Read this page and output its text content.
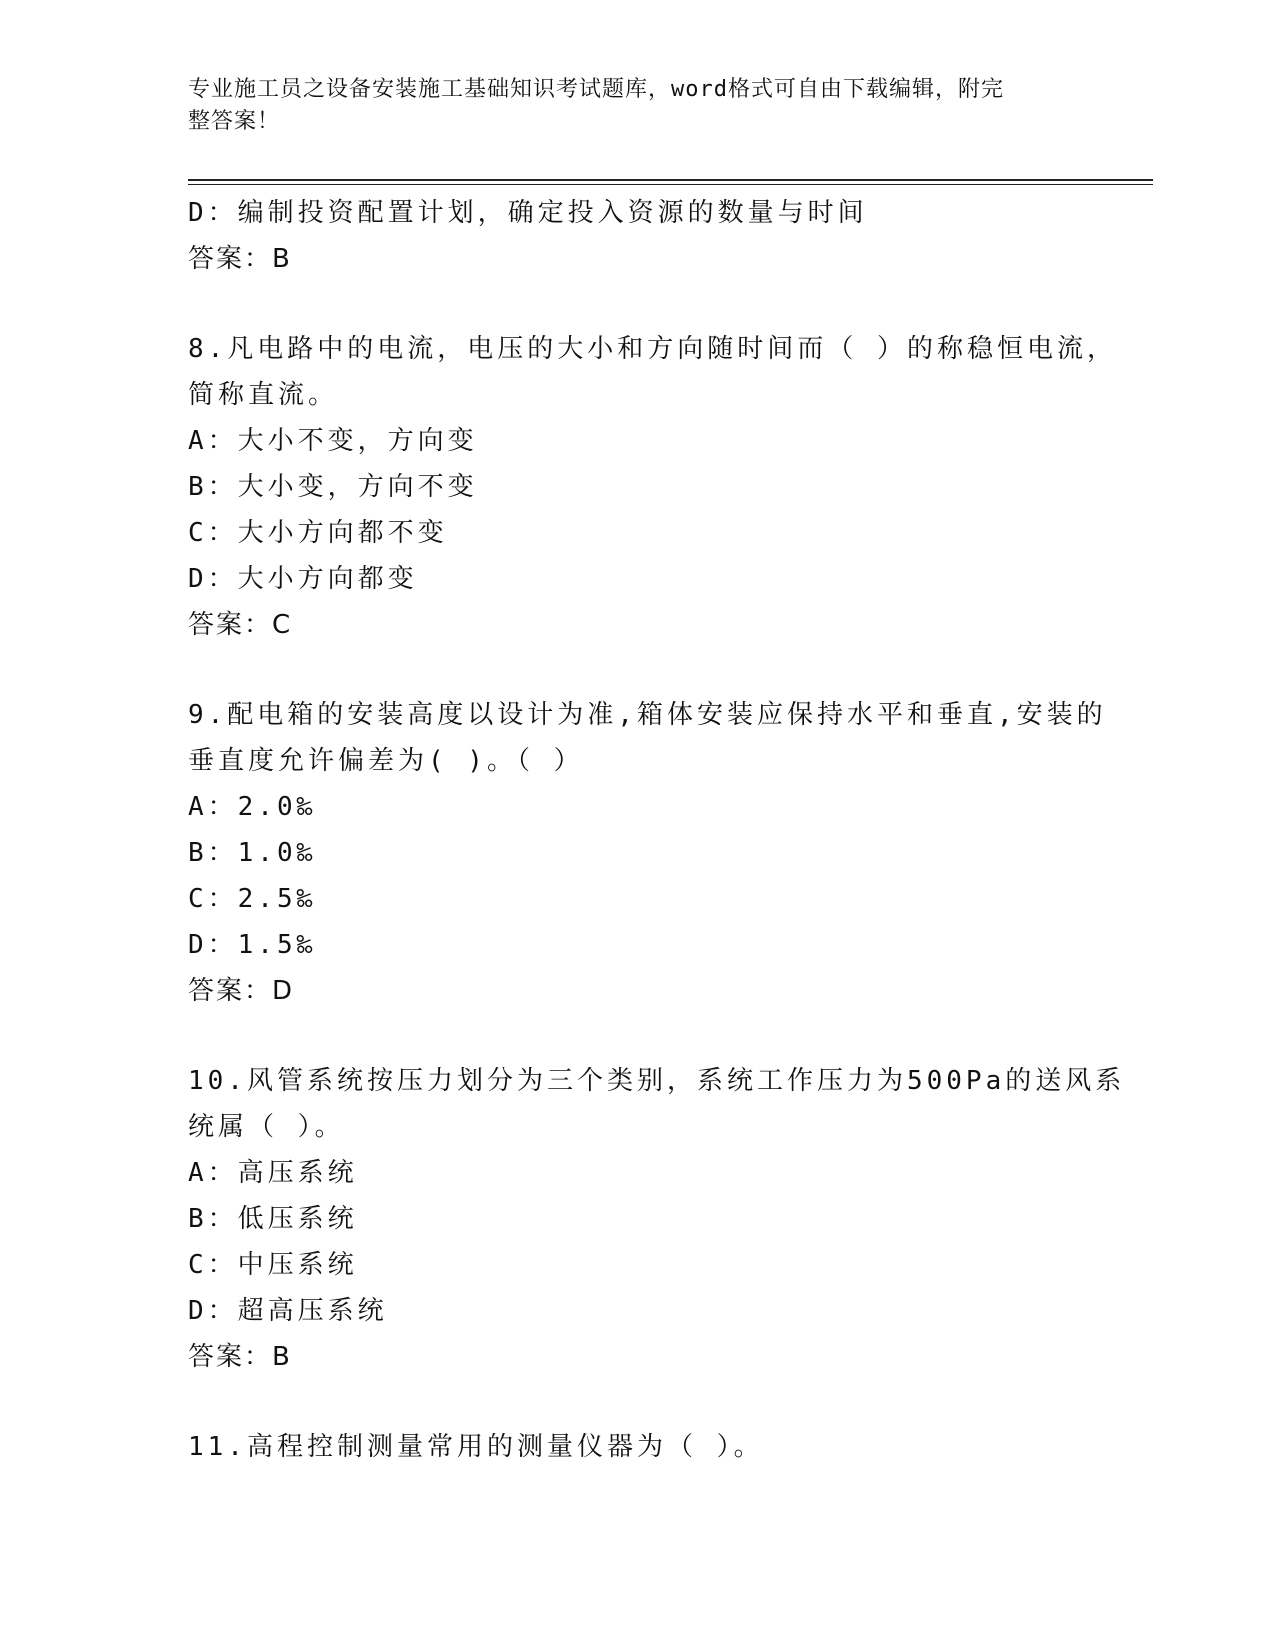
专业施工员之设备安装施工基础知识考试题库，word格式可自由下载编辑，附完
整答案！
D：编制投资配置计划，确定投入资源的数量与时间
答案：B
8.凡电路中的电流，电压的大小和方向随时间而（ ）的称稳恒电流，
简称直流。
A：大小不变，方向变
B：大小变，方向不变
C：大小方向都不变
D：大小方向都变
答案：C
9.配电箱的安装高度以设计为准,箱体安装应保持水平和垂直,安装的
垂直度允许偏差为( )。（ ）
A：2.0‰
B：1.0‰
C：2.5‰
D：1.5‰
答案：D
10.风管系统按压力划分为三个类别，系统工作压力为500Pa的送风系
统属（ ）。
A：高压系统
B：低压系统
C：中压系统
D：超高压系统
答案：B
11.高程控制测量常用的测量仪器为（ ）。
